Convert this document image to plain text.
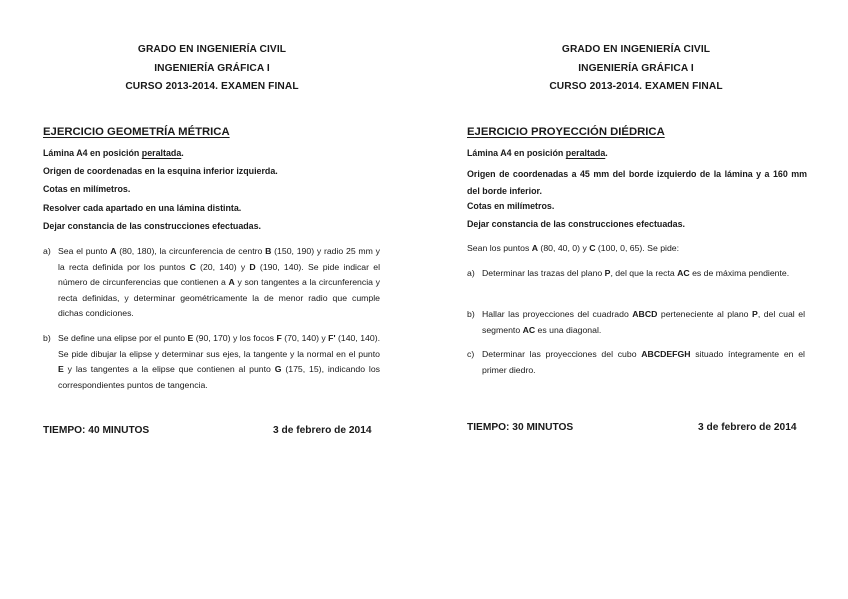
GRADO EN INGENIERÍA CIVIL
INGENIERÍA GRÁFICA I
CURSO 2013-2014. EXAMEN FINAL
EJERCICIO GEOMETRÍA MÉTRICA
Lámina A4 en posición peraltada.
Origen de coordenadas en la esquina inferior izquierda.
Cotas en milímetros.
Resolver cada apartado en una lámina distinta.
Dejar constancia de las construcciones efectuadas.
a) Sea el punto A (80, 180), la circunferencia de centro B (150, 190) y radio 25 mm y la recta definida por los puntos C (20, 140) y D (190, 140). Se pide indicar el número de circunferencias que contienen a A y son tangentes a la circunferencia y recta definidas, y determinar geométricamente la de menor radio que cumple dichas condiciones.
b) Se define una elipse por el punto E (90, 170) y los focos F (70, 140) y F' (140, 140). Se pide dibujar la elipse y determinar sus ejes, la tangente y la normal en el punto E y las tangentes a la elipse que contienen al punto G (175, 15), indicando los correspondientes puntos de tangencia.
TIEMPO: 40 MINUTOS	3 de febrero de 2014
GRADO EN INGENIERÍA CIVIL
INGENIERÍA GRÁFICA I
CURSO 2013-2014. EXAMEN FINAL
EJERCICIO PROYECCIÓN DIÉDRICA
Lámina A4 en posición peraltada.
Origen de coordenadas a 45 mm del borde izquierdo de la lámina y a 160 mm del borde inferior.
Cotas en milímetros.
Dejar constancia de las construcciones efectuadas.
Sean los puntos A (80, 40, 0) y C (100, 0, 65). Se pide:
a) Determinar las trazas del plano P, del que la recta AC es de máxima pendiente.
b) Hallar las proyecciones del cuadrado ABCD perteneciente al plano P, del cual el segmento AC es una diagonal.
c) Determinar las proyecciones del cubo ABCDEFGH situado íntegramente en el primer diedro.
TIEMPO: 30 MINUTOS	3 de febrero de 2014
